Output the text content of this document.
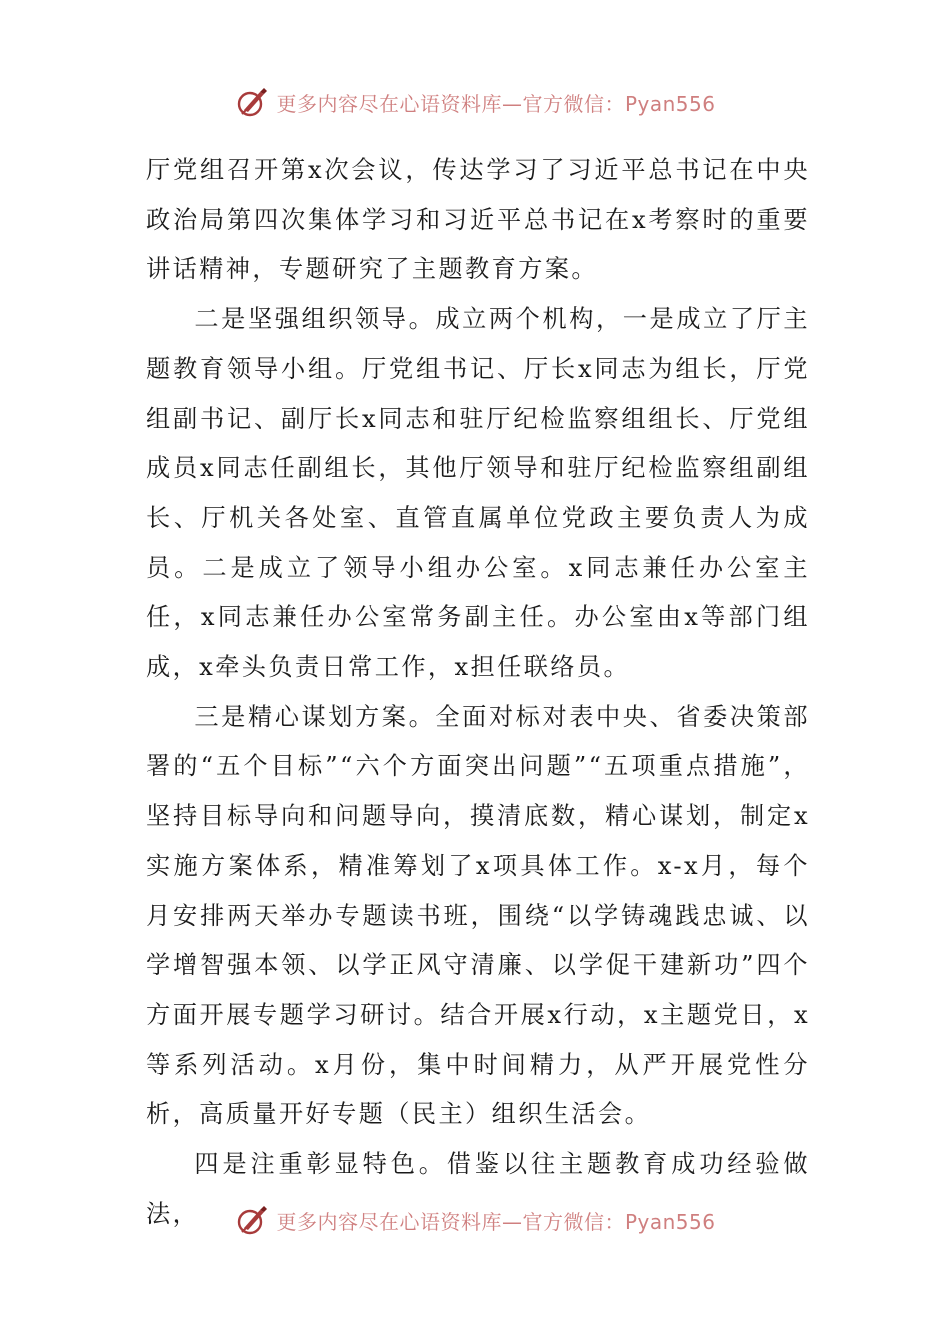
更多内容尽在心语资料库—官方微信：Pyan556

厅党组召开第x次会议，传达学习了习近平总书记在中央政治局第四次集体学习和习近平总书记在x考察时的重要讲话精神，专题研究了主题教育方案。

二是坚强组织领导。成立两个机构，一是成立了厅主题教育领导小组。厅党组书记、厅长x同志为组长，厅党组副书记、副厅长x同志和驻厅纪检监察组组长、厅党组成员x同志任副组长，其他厅领导和驻厅纪检监察组副组长、厅机关各处室、直管直属单位党政主要负责人为成员。二是成立了领导小组办公室。x同志兼任办公室主任，x同志兼任办公室常务副主任。办公室由x等部门组成，x牵头负责日常工作，x担任联络员。

三是精心谋划方案。全面对标对表中央、省委决策部署的“五个目标”“六个方面突出问题”“五项重点措施”，坚持目标导向和问题导向，摸清底数，精心谋划，制定x实施方案体系，精准筹划了x项具体工作。x-x月，每个月安排两天举办专题读书班，围绕“以学铸魂践忠诚、以学增智强本领、以学正风守清廉、以学促干建新功”四个方面开展专题学习研讨。结合开展x行动，x主题党日，x等系列活动。x月份，集中时间精力，从严开展党性分析，高质量开好专题（民主）组织生活会。

四是注重彰显特色。借鉴以往主题教育成功经验做法，	更多内容尽在心语资料库—官方微信：Pyan556
